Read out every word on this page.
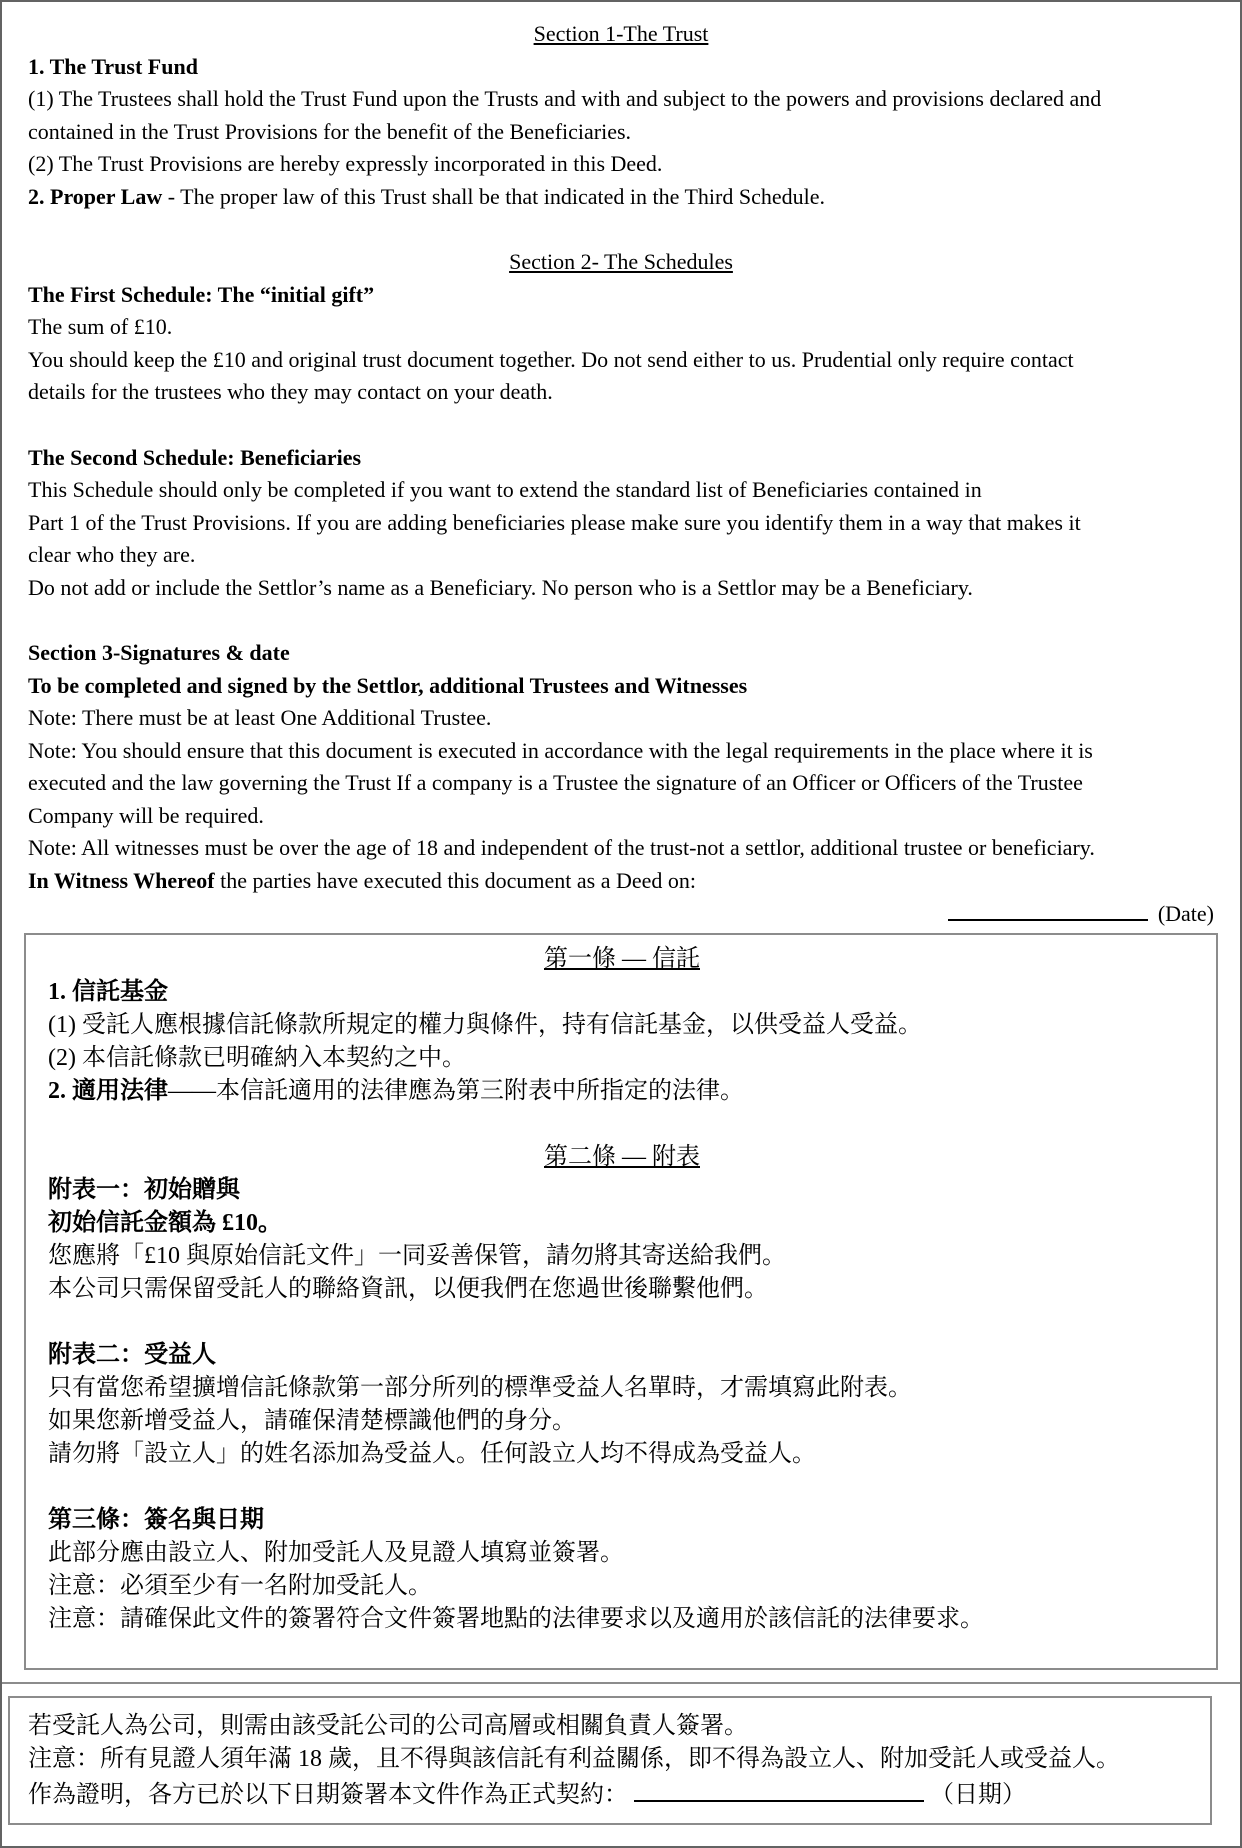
Section 1-The Trust

1. The Trust Fund

(1) The Trustees shall hold the Trust Fund upon the Trusts and with and subject to the powers and provisions declared and

contained in the Trust Provisions for the benefit of the Beneficiaries.

(2) The Trust Provisions are hereby expressly incorporated in this Deed.

2. Proper Law - The proper law of this Trust shall be that indicated in the Third Schedule.

Section 2- The Schedules

The First Schedule: The “initial gift”

The sum of £10.

You should keep the £10 and original trust document together. Do not send either to us. Prudential only require contact

details for the trustees who they may contact on your death.

The Second Schedule: Beneficiaries

This Schedule should only be completed if you want to extend the standard list of Beneficiaries contained in

Part 1 of the Trust Provisions. If you are adding beneficiaries please make sure you identify them in a way that makes it

clear who they are.

Do not add or include the Settlor’s name as a Beneficiary. No person who is a Settlor may be a Beneficiary.

Section 3-Signatures & date

To be completed and signed by the Settlor, additional Trustees and Witnesses

Note: There must be at least One Additional Trustee.

Note: You should ensure that this document is executed in accordance with the legal requirements in the place where it is

executed and the law governing the Trust If a company is a Trustee the signature of an Officer or Officers of the Trustee

Company will be required.

Note: All witnesses must be over the age of 18 and independent of the trust-not a settlor, additional trustee or beneficiary.

In Witness Whereof the parties have executed this document as a Deed on:

(Date)

第一條 — 信託

1. 信託基金

(1) 受託人應根據信託條款所規定的權力與條件，持有信託基金，以供受益人受益。

(2) 本信託條款已明確納入本契約之中。

2. 適用法律——本信託適用的法律應為第三附表中所指定的法律。

第二條 — 附表

附表一：初始贈與

初始信託金額為 £10。

您應將「£10 與原始信託文件」一同妥善保管，請勿將其寄送給我們。

本公司只需保留受託人的聯絡資訊，以便我們在您過世後聯繫他們。

附表二：受益人

只有當您希望擴增信託條款第一部分所列的標準受益人名單時，才需填寫此附表。

如果您新增受益人，請確保清楚標識他們的身分。

請勿將「設立人」的姓名添加為受益人。任何設立人均不得成為受益人。

第三條：簽名與日期

此部分應由設立人、附加受託人及見證人填寫並簽署。

注意：必須至少有一名附加受託人。

注意：請確保此文件的簽署符合文件簽署地點的法律要求以及適用於該信託的法律要求。

若受託人為公司，則需由該受託公司的公司高層或相關負責人簽署。

注意：所有見證人須年滿 18 歲，且不得與該信託有利益關係，即不得為設立人、附加受託人或受益人。

作為證明，各方已於以下日期簽署本文件作為正式契約：	（日期）
